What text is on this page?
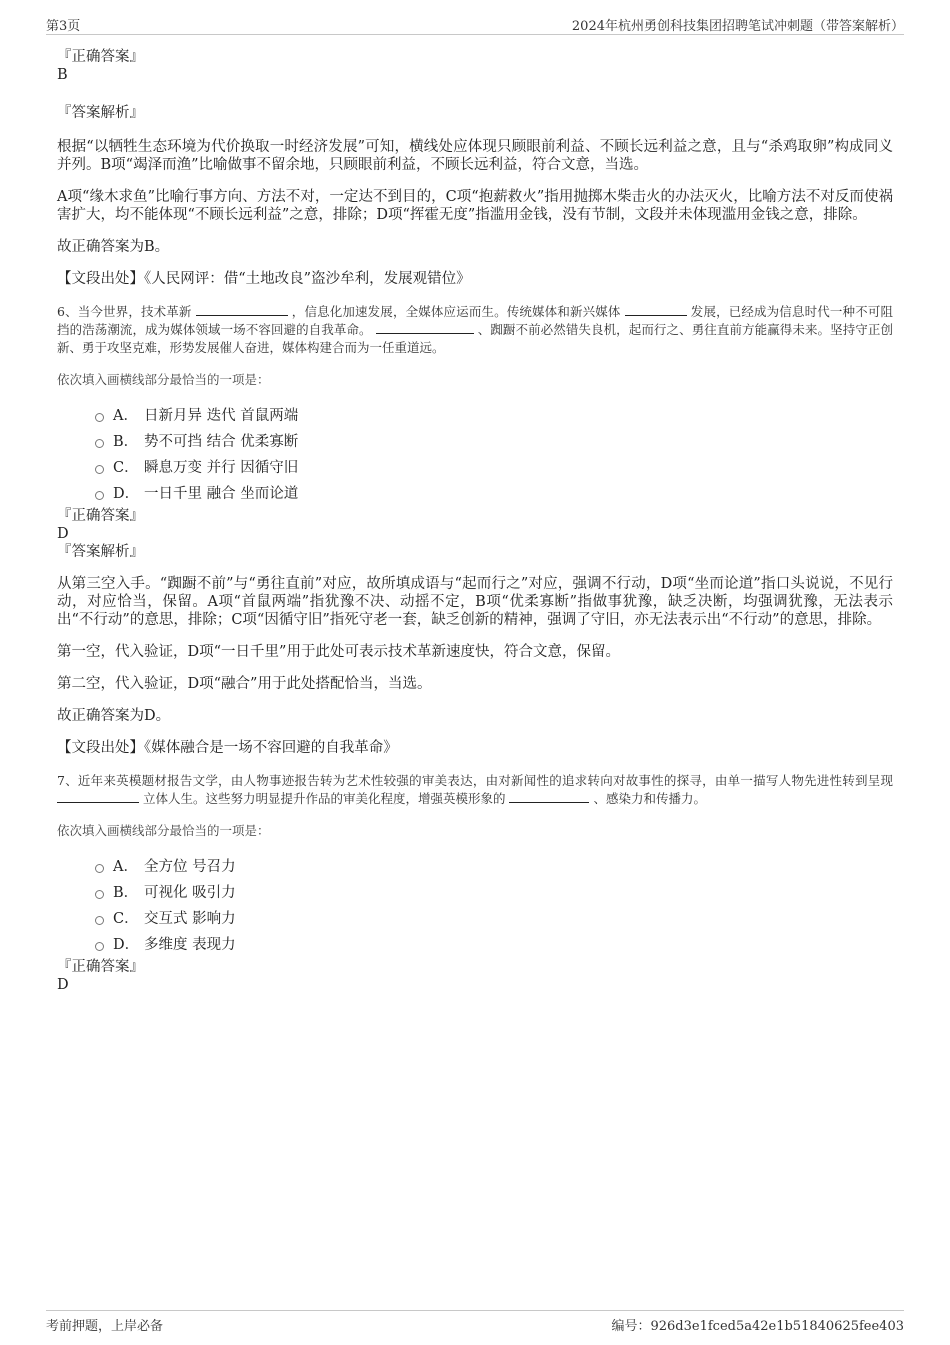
第3页	2024年杭州勇创科技集团招聘笔试冲刺题（带答案解析）
『正确答案』
B
『答案解析』
根据“以牺牲生态环境为代价换取一时经济发展”可知，横线处应体现只顾眼前利益、不顾长远利益之意，且与“杀鸡取卵”构成同义并列。B项“竭泽而渔”比喻做事不留余地，只顾眼前利益，不顾长远利益，符合文意，当选。
A项“缘木求鱼”比喻行事方向、方法不对，一定达不到目的，C项“抱薪救火”指用抛掷木柴击火的办法灭火，比喻方法不对反而使祸害扩大，均不能体现“不顾长远利益”之意，排除；D项“挥霍无度”指滥用金钱，没有节制，文段并未体现滥用金钱之意，排除。
故正确答案为B。
【文段出处】《人民网评：借“土地改良”盗沙牟利，发展观错位》
6、当今世界，技术革新	，信息化加速发展，全媒体应运而生。传统媒体和新兴媒体	发展，已经成为信息时代一种不可阻挡的浩荡潮流，成为媒体领域一场不容回避的自我革命。	、踟蹰不前必然错失良机，起而行之、勇往直前方能赢得未来。坚持守正创新、勇于攻坚克难，形势发展催人奋进，媒体构建合而为一任重道远。
依次填入画横线部分最恰当的一项是：
A． 日新月异 迭代 首鼠两端
B． 势不可挡 结合 优柔寡断
C． 瞬息万变 并行 因循守旧
D． 一日千里 融合 坐而论道
『正确答案』
D
『答案解析』
从第三空入手。“踟蹰不前”与“勇往直前”对应，故所填成语与“起而行之”对应，强调不行动，D项“坐而论道”指口头说说，不见行动，对应恰当，保留。A项“首鼠两端”指犹豫不决、动摇不定，B项“优柔寡断”指做事犹豫，缺乏决断，均强调犹豫，无法表示出“不行动”的意思，排除；C项“因循守旧”指死守老一套，缺乏创新的精神，强调了守旧，亦无法表示出“不行动”的意思，排除。
第一空，代入验证，D项“一日千里”用于此处可表示技术革新速度快，符合文意，保留。
第二空，代入验证，D项“融合”用于此处搭配恰当，当选。
故正确答案为D。
【文段出处】《媒体融合是一场不容回避的自我革命》
7、近年来英模题材报告文学，由人物事迹报告转为艺术性较强的审美表达，由对新闻性的追求转向对故事性的探寻，由单一描写人物先进性转到呈现  立体人生。这些努力明显提升作品的审美化程度，增强英模形象的	、感染力和传播力。
依次填入画横线部分最恰当的一项是：
A． 全方位 号召力
B． 可视化 吸引力
C． 交互式 影响力
D． 多维度 表现力
『正确答案』
D
考前押题，上岸必备	编号：926d3e1fced5a42e1b51840625fee403
